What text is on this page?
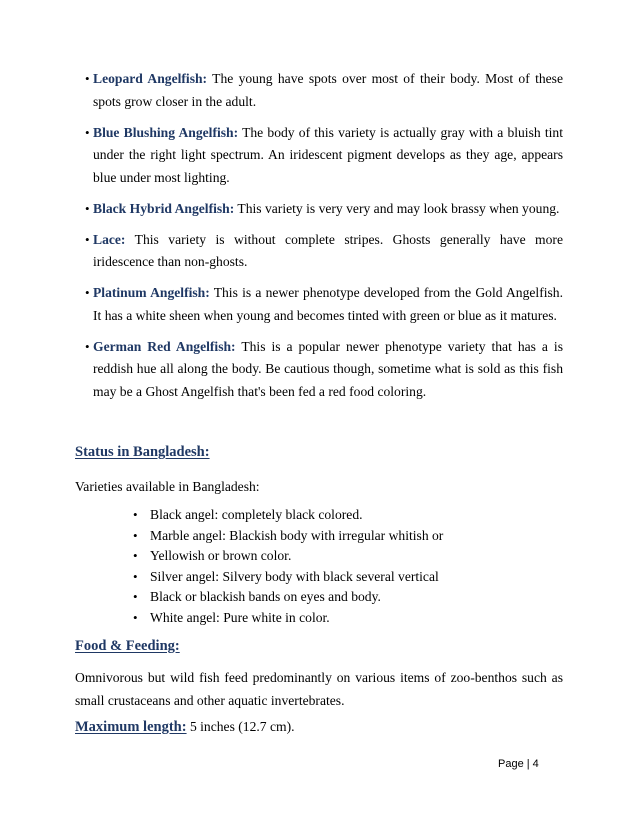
• Leopard Angelfish: The young have spots over most of their body. Most of these spots grow closer in the adult.
• Blue Blushing Angelfish: The body of this variety is actually gray with a bluish tint under the right light spectrum. An iridescent pigment develops as they age, appears blue under most lighting.
• Black Hybrid Angelfish: This variety is very very and may look brassy when young.
• Lace: This variety is without complete stripes. Ghosts generally have more iridescence than non-ghosts.
• Platinum Angelfish: This is a newer phenotype developed from the Gold Angelfish. It has a white sheen when young and becomes tinted with green or blue as it matures.
• German Red Angelfish: This is a popular newer phenotype variety that has a is reddish hue all along the body. Be cautious though, sometime what is sold as this fish may be a Ghost Angelfish that's been fed a red food coloring.
Status in Bangladesh:

Varieties available in Bangladesh:

• Black angel: completely black colored.
• Marble angel: Blackish body with irregular whitish or
• Yellowish or brown color.
• Silver angel: Silvery body with black several vertical
• Black or blackish bands on eyes and body.
• White angel: Pure white in color.
Food & Feeding:

Omnivorous but wild fish feed predominantly on various items of zoo-benthos such as small crustaceans and other aquatic invertebrates.

Maximum length: 5 inches (12.7 cm).

Page | 4
